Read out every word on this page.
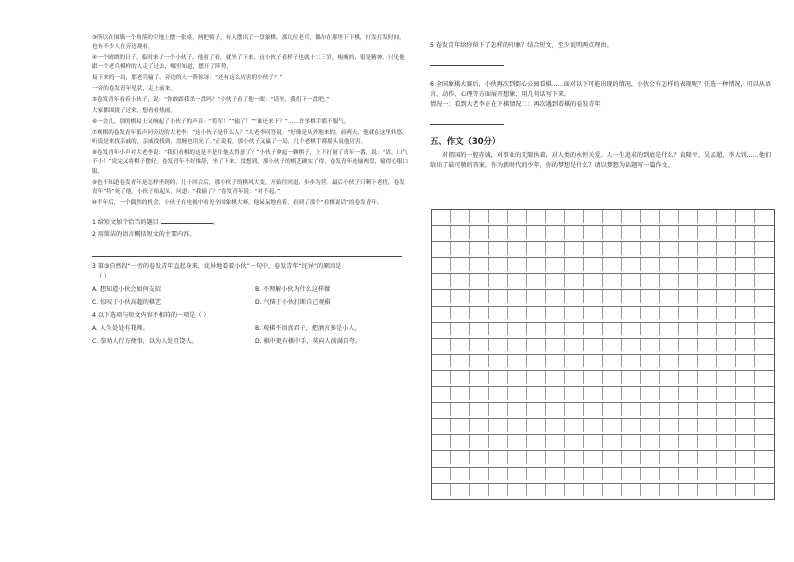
③所以在围墙一个角落的空地上摆一张桌，两把椅子，有人摆出了一盘象棋。那几位老兵，偶尔在那里下下棋，打发打发时间，也有不少人在旁边观看。

④一个晴朗的日子，临时来了一个小伙子，他看了看，就坐了下来。这小伙子看样子也就十二三岁，瘦瘦的，很是精神。只见他跟一个老兵模样的人走了过去，哪里知道，摆开了阵势，

接下来的一局，那老兵输了。旁边的人一阵惊讶：“还有这么厉害的小伙子？”

一旁的卷发青年见状，走上前来。

⑤卷发青年看着小伙子，说：“你敢跟我杀一盘吗？”小伙子看了他一眼：“请坐，我们下一盘吧。”

大家都围拢了过来，想看看热闹。

⑥一会儿，别的棋局上又响起了小伙子的声音：“将军！”“输了！”“谁还来下？”……许多棋手都不服气。

⑦观棋的卷发青年低声问旁边的大老李：“这小伙子是什么人？”大老李回答说：“好像是从外地来的。前两天，他就在这里转悠，听说是来找亲戚的，亲戚没找到，盘缠也用光了。”正说着，那小伙子又赢了一局，几个老棋手都摇头说他厉害。

⑧卷发青年小声对大老李说：“我们看棋的这是不是让他太得意了？”小伙子拿起一颗棋子，上下打量了青年一番，说：“请，口气不小！”说完又将棋子摆好。卷发青年不好推辞，坐了下来。没想到，那小伙子的棋艺确实了得，卷发青年连输两盘，输得心服口服。

⑨也不知道卷发青年是怎样坐到的，几十回合后，那小伙子的棋风大变，开始往回退，步步为营。最后小伙子只剩下老将，卷发青年“将”死了他。小伙子抬起头，问道：“我输了？”卷发青年说：“对不起。”

⑩半年后，一个偶然的机会，小伙子在电视中看见全国象棋大赛，他呆呆地看着，看到了那个“看棋说话”的卷发青年。

1 给短文加个恰当的题目	。

2 用简洁的语言概括短文的主要内容。

3 第③自然段“一旁的卷发青年直起身来，诧异地看着小伙”一句中，卷发青年“诧异”的原因是

（ ）

A. 想知道小伙会如何支招	B. 不理解小伙为什么这样做

C. 惊叹于小伙高超的棋艺	D. 气恼于小伙打断自己观棋

4 以下选项与短文内容不相符的一项是（ ）

A. 人生处处有我师。	B. 观棋不语真君子，把酒言多是小人。

C. 拳劝人行方便事，以为人处且饶人。	D. 棋中更有棋中手，莫向人前满自夸。

5 卷发青年给你留下了怎样的印象？结合短文，至少说明两点理由。

6 全国象棋大赛后，小伙再次到街心公园看棋……面对以下可能出现的情况，小伙会有怎样的表现呢？任选一种情况，可以从语言、动作、心理等方面展开想象，用几句话写下来。

情况一：看到大老李正在下棋情况二：再次遇到看棋的卷发青年

五、作文（30分）

对祖国的一腔赤诚，对事业的无限执着，对人类的永恒关爱。人一生追求的到底是什么？袁隆平、吴孟超、李大钊……他们给出了最可敬的答案。作为新时代的少年，你的梦想是什么？请以梦想为话题写一篇作文。
